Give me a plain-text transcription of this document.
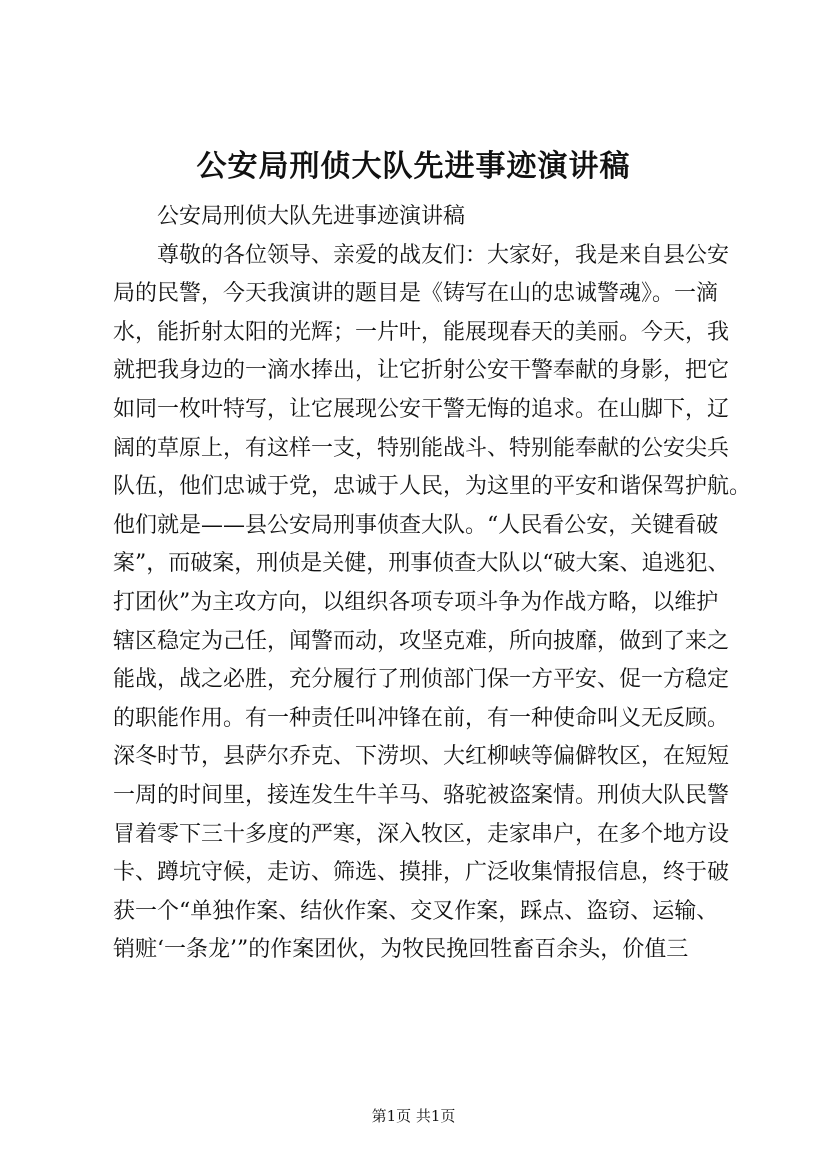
公安局刑侦大队先进事迹演讲稿
公安局刑侦大队先进事迹演讲稿
尊敬的各位领导、亲爱的战友们：大家好，我是来自县公安
局的民警，今天我演讲的题目是《铸写在山的忠诚警魂》。一滴
水，能折射太阳的光辉；一片叶，能展现春天的美丽。今天，我
就把我身边的一滴水捧出，让它折射公安干警奉献的身影，把它
如同一枚叶特写，让它展现公安干警无悔的追求。在山脚下，辽
阔的草原上，有这样一支，特别能战斗、特别能奉献的公安尖兵
队伍，他们忠诚于党，忠诚于人民，为这里的平安和谐保驾护航。
他们就是——县公安局刑事侦查大队。“人民看公安，关键看破
案”，而破案，刑侦是关健，刑事侦查大队以“破大案、追逃犯、
打团伙”为主攻方向，以组织各项专项斗争为作战方略，以维护
辖区稳定为己任，闻警而动，攻坚克难，所向披靡，做到了来之
能战，战之必胜，充分履行了刑侦部门保一方平安、促一方稳定
的职能作用。有一种责任叫冲锋在前，有一种使命叫义无反顾。
深冬时节，县萨尔乔克、下涝坝、大红柳峡等偏僻牧区，在短短
一周的时间里，接连发生牛羊马、骆驼被盗案情。刑侦大队民警
冒着零下三十多度的严寒，深入牧区，走家串户，在多个地方设
卡、蹲坑守候，走访、筛选、摸排，广泛收集情报信息，终于破
获一个“单独作案、结伙作案、交叉作案，踩点、盗窃、运输、
销赃‘一条龙’”的作案团伙，为牧民挽回牲畜百余头，价值三
第1页 共1页
